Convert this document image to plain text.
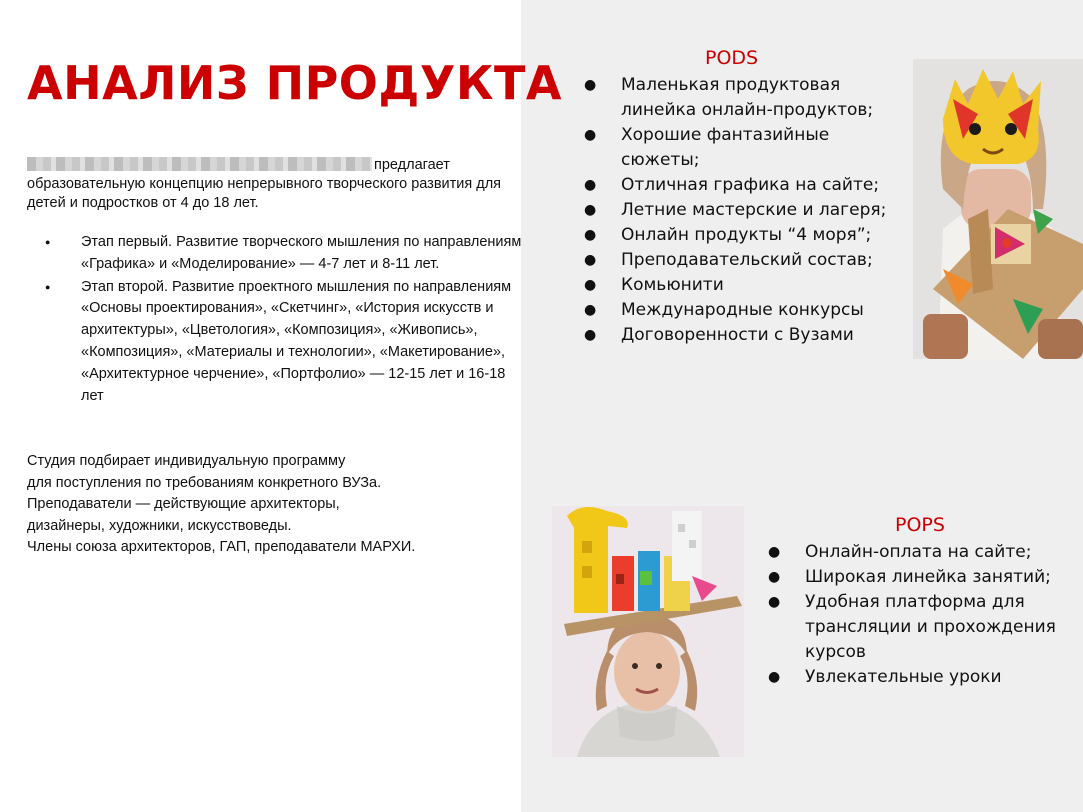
АНАЛИЗ ПРОДУКТА
предлагает образовательную концепцию непрерывного творческого развития для детей и подростков от 4 до 18 лет.
● Этап первый. Развитие творческого мышления по направлениям «Графика» и «Моделирование» — 4-7 лет и 8-11 лет.
● Этап второй. Развитие проектного мышления по направлениям «Основы проектирования», «Скетчинг», «История искусств и архитектуры», «Цветология», «Композиция», «Живопись», «Композиция», «Материалы и технологии», «Макетирование», «Архитектурное черчение», «Портфолио» — 12-15 лет и 16-18 лет

Студия подбирает индивидуальную программу

для поступления по требованиям конкретного ВУЗа.

Преподаватели — действующие архитекторы,

дизайнеры, художники, искусствоведы.

Члены союза архитекторов, ГАП, преподаватели МАРХИ.

PODS
● Маленькая продуктовая линейка онлайн-продуктов;
● Хорошие фантазийные сюжеты;
● Отличная графика на сайте;
● Летние мастерские и лагеря;
● Онлайн продукты “4 моря”;
● Преподавательский состав;
● Комьюнити
● Международные конкурсы
● Договоренности с Вузами
POPS
● Онлайн-оплата на сайте;
● Широкая линейка занятий;
● Удобная платформа для трансляции и прохождения курсов
● Увлекательные уроки
